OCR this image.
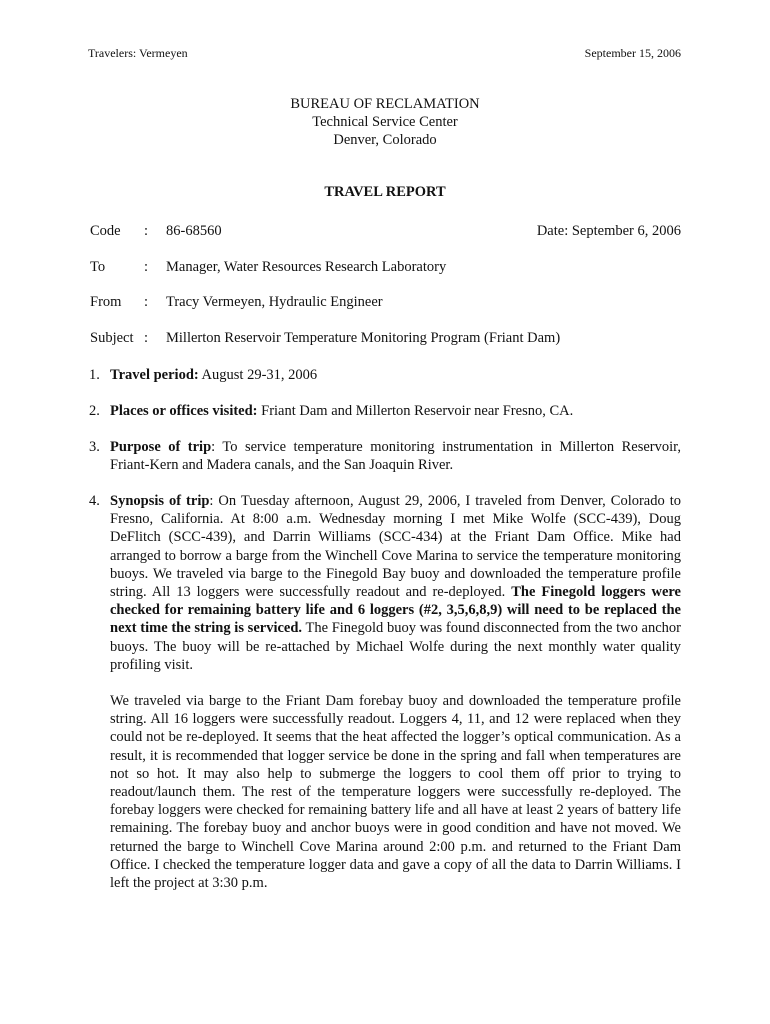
Travelers: Vermeyen	September 15, 2006
BUREAU OF RECLAMATION
Technical Service Center
Denver, Colorado
TRAVEL REPORT
Code : 86-68560	Date: September 6, 2006
To	: Manager, Water Resources Research Laboratory
From : Tracy Vermeyen, Hydraulic Engineer
Subject : Millerton Reservoir Temperature Monitoring Program (Friant Dam)
1. Travel period: August 29-31, 2006
2. Places or offices visited: Friant Dam and Millerton Reservoir near Fresno, CA.
3. Purpose of trip: To service temperature monitoring instrumentation in Millerton Reservoir, Friant-Kern and Madera canals, and the San Joaquin River.
4. Synopsis of trip: On Tuesday afternoon, August 29, 2006, I traveled from Denver, Colorado to Fresno, California. At 8:00 a.m. Wednesday morning I met Mike Wolfe (SCC-439), Doug DeFlitch (SCC-439), and Darrin Williams (SCC-434) at the Friant Dam Office. Mike had arranged to borrow a barge from the Winchell Cove Marina to service the temperature monitoring buoys. We traveled via barge to the Finegold Bay buoy and downloaded the temperature profile string. All 13 loggers were successfully readout and re-deployed. The Finegold loggers were checked for remaining battery life and 6 loggers (#2, 3,5,6,8,9) will need to be replaced the next time the string is serviced. The Finegold buoy was found disconnected from the two anchor buoys. The buoy will be re-attached by Michael Wolfe during the next monthly water quality profiling visit.
We traveled via barge to the Friant Dam forebay buoy and downloaded the temperature profile string. All 16 loggers were successfully readout. Loggers 4, 11, and 12 were replaced when they could not be re-deployed. It seems that the heat affected the logger’s optical communication. As a result, it is recommended that logger service be done in the spring and fall when temperatures are not so hot. It may also help to submerge the loggers to cool them off prior to trying to readout/launch them. The rest of the temperature loggers were successfully re-deployed. The forebay loggers were checked for remaining battery life and all have at least 2 years of battery life remaining. The forebay buoy and anchor buoys were in good condition and have not moved. We returned the barge to Winchell Cove Marina around 2:00 p.m. and returned to the Friant Dam Office. I checked the temperature logger data and gave a copy of all the data to Darrin Williams. I left the project at 3:30 p.m.
